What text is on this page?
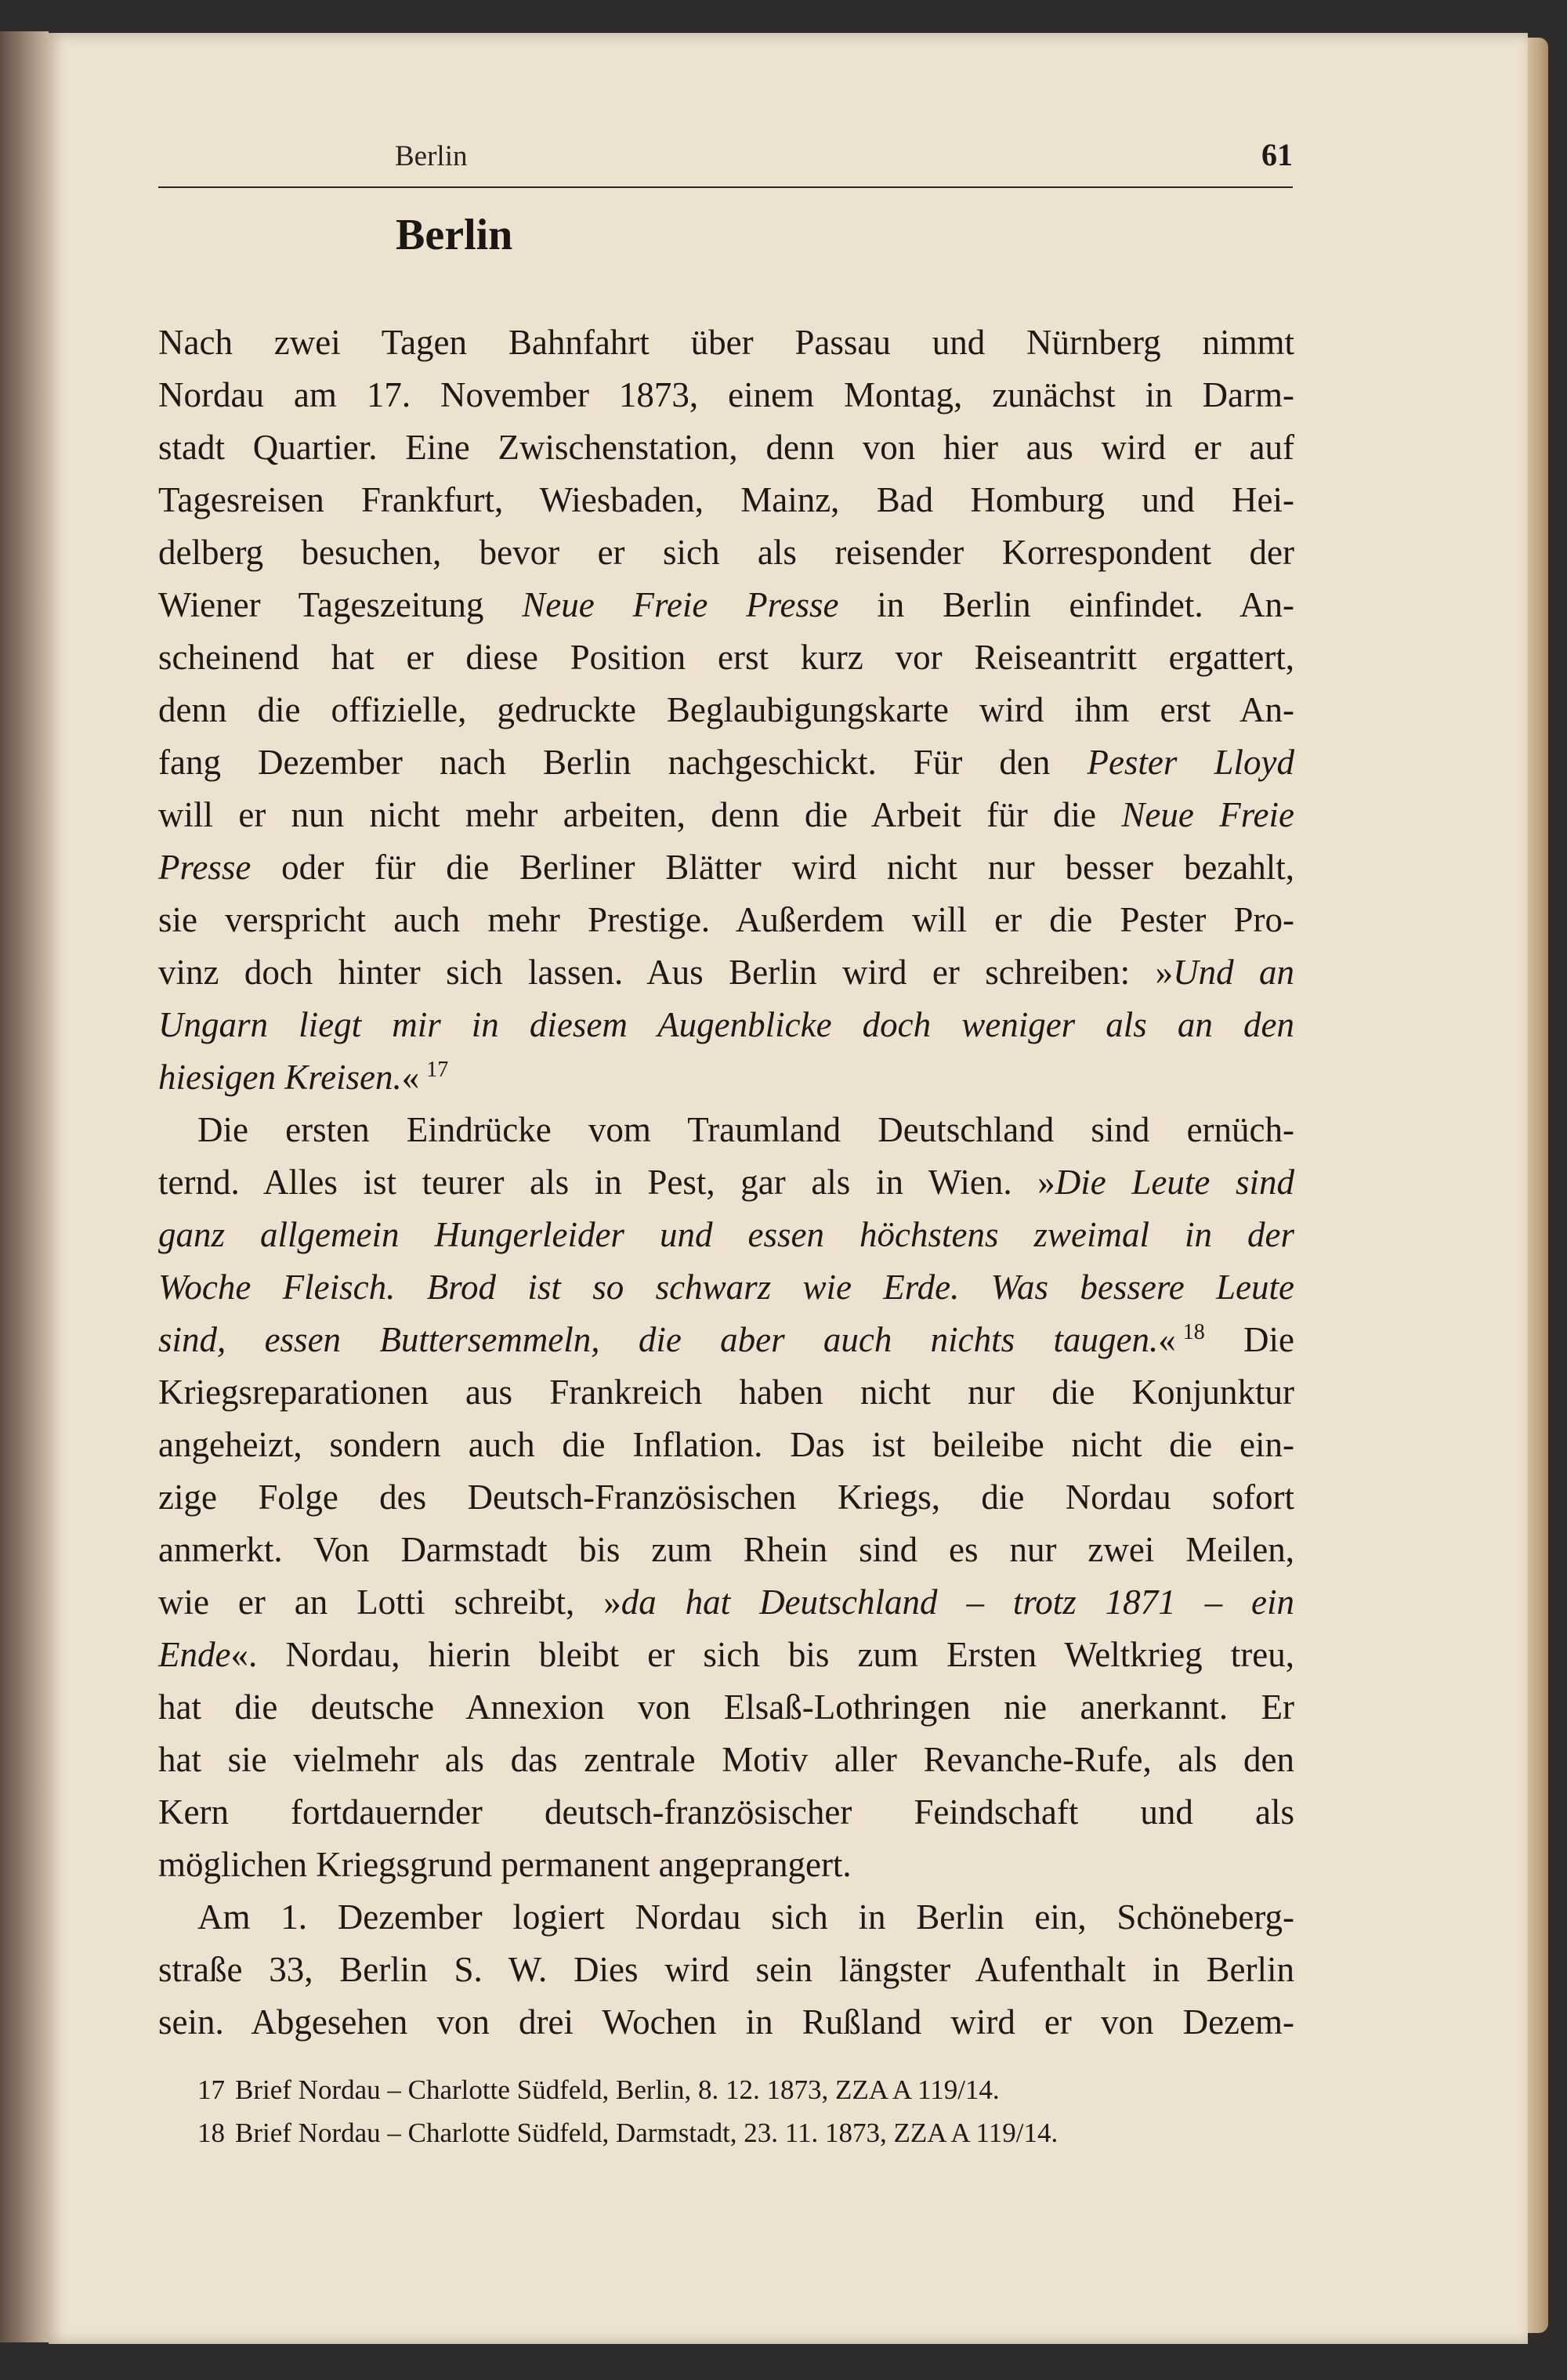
Berlin	61
Berlin
Nach zwei Tagen Bahnfahrt über Passau und Nürnberg nimmt
Nordau am 17. November 1873, einem Montag, zunächst in Darm-
stadt Quartier. Eine Zwischenstation, denn von hier aus wird er auf
Tagesreisen Frankfurt, Wiesbaden, Mainz, Bad Homburg und Hei-
delberg besuchen, bevor er sich als reisender Korrespondent der
Wiener Tageszeitung Neue Freie Presse in Berlin einfindet. An-
scheinend hat er diese Position erst kurz vor Reiseantritt ergattert,
denn die offizielle, gedruckte Beglaubigungskarte wird ihm erst An-
fang Dezember nach Berlin nachgeschickt. Für den Pester Lloyd
will er nun nicht mehr arbeiten, denn die Arbeit für die Neue Freie
Presse oder für die Berliner Blätter wird nicht nur besser bezahlt,
sie verspricht auch mehr Prestige. Außerdem will er die Pester Pro-
vinz doch hinter sich lassen. Aus Berlin wird er schreiben: »Und an
Ungarn liegt mir in diesem Augenblicke doch weniger als an den
hiesigen Kreisen.«  $^{17}$
Die ersten Eindrücke vom Traumland Deutschland sind ernüch-
ternd. Alles ist teurer als in Pest, gar als in Wien. »Die Leute sind
ganz allgemein Hungerleider und essen höchstens zweimal in der
Woche Fleisch. Brod ist so schwarz wie Erde. Was bessere Leute
sind, essen Buttersemmeln, die aber auch nichts taugen.«  $^{18}$ Die
Kriegsreparationen aus Frankreich haben nicht nur die Konjunktur
angeheizt, sondern auch die Inflation. Das ist beileibe nicht die ein-
zige Folge des Deutsch-Französischen Kriegs, die Nordau sofort
anmerkt. Von Darmstadt bis zum Rhein sind es nur zwei Meilen,
wie er an Lotti schreibt, »da hat Deutschland – trotz 1871 – ein
Ende«. Nordau, hierin bleibt er sich bis zum Ersten Weltkrieg treu,
hat die deutsche Annexion von Elsaß-Lothringen nie anerkannt. Er
hat sie vielmehr als das zentrale Motiv aller Revanche-Rufe, als den
Kern fortdauernder deutsch-französischer Feindschaft und als
möglichen Kriegsgrund permanent angeprangert.
Am 1. Dezember logiert Nordau sich in Berlin ein, Schöneberg-
straße 33, Berlin S. W. Dies wird sein längster Aufenthalt in Berlin
sein. Abgesehen von drei Wochen in Rußland wird er von Dezem-
17 Brief Nordau – Charlotte Südfeld, Berlin, 8. 12. 1873, ZZA A 119/14.
18 Brief Nordau – Charlotte Südfeld, Darmstadt, 23. 11. 1873, ZZA A 119/14.
